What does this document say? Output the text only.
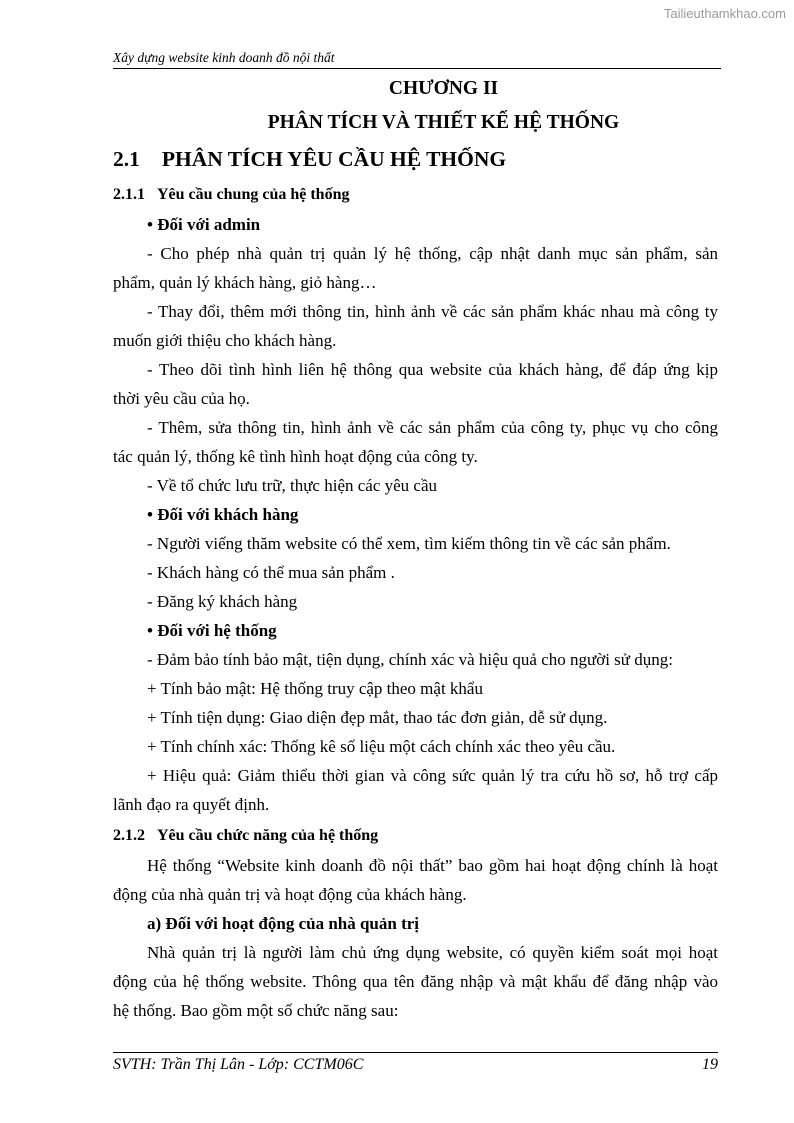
Tailieuthamkhao.com
Xây dựng website kinh doanh đồ nội thất
CHƯƠNG II
PHÂN TÍCH VÀ THIẾT KẾ HỆ THỐNG
2.1 PHÂN TÍCH YÊU CẦU HỆ THỐNG
2.1.1 Yêu cầu chung của hệ thống
• Đối với admin
- Cho phép nhà quản trị quản lý hệ thống, cập nhật danh mục sản phẩm, sản
phẩm, quản lý khách hàng, giỏ hàng…
- Thay đổi, thêm mới thông tin, hình ảnh về các sản phẩm khác nhau mà công ty
muốn giới thiệu cho khách hàng.
- Theo dõi tình hình liên hệ thông qua website của khách hàng, để đáp ứng kịp
thời yêu cầu của họ.
- Thêm, sửa thông tin, hình ảnh về các sản phẩm của công ty, phục vụ cho công
tác quản lý, thống kê tình hình hoạt động của công ty.
- Về tổ chức lưu trữ, thực hiện các yêu cầu
• Đối với khách hàng
- Người viếng thăm website có thể xem, tìm kiếm thông tin về các sản phẩm.
- Khách hàng có thể mua sản phẩm .
- Đăng ký khách hàng
• Đối với hệ thống
- Đảm bảo tính bảo mật, tiện dụng, chính xác và hiệu quả cho người sử dụng:
+ Tính bảo mật: Hệ thống truy cập theo mật khẩu
+ Tính tiện dụng: Giao diện đẹp mắt, thao tác đơn giản, dễ sử dụng.
+ Tính chính xác: Thống kê số liệu một cách chính xác theo yêu cầu.
+ Hiệu quả: Giảm thiểu thời gian và công sức quản lý tra cứu hồ sơ, hỗ trợ cấp
lãnh đạo ra quyết định.
2.1.2 Yêu cầu chức năng của hệ thống
Hệ thống “Website kinh doanh đồ nội thất” bao gồm hai hoạt động chính là hoạt
động của nhà quản trị và hoạt động của khách hàng.
a) Đối với hoạt động của nhà quản trị
Nhà quản trị là người làm chủ ứng dụng website, có quyền kiểm soát mọi hoạt
động của hệ thống website. Thông qua tên đăng nhập và mật khẩu để đăng nhập vào
hệ thống. Bao gồm một số chức năng sau:
SVTH: Trần Thị Lân - Lớp: CCTM06C	19
